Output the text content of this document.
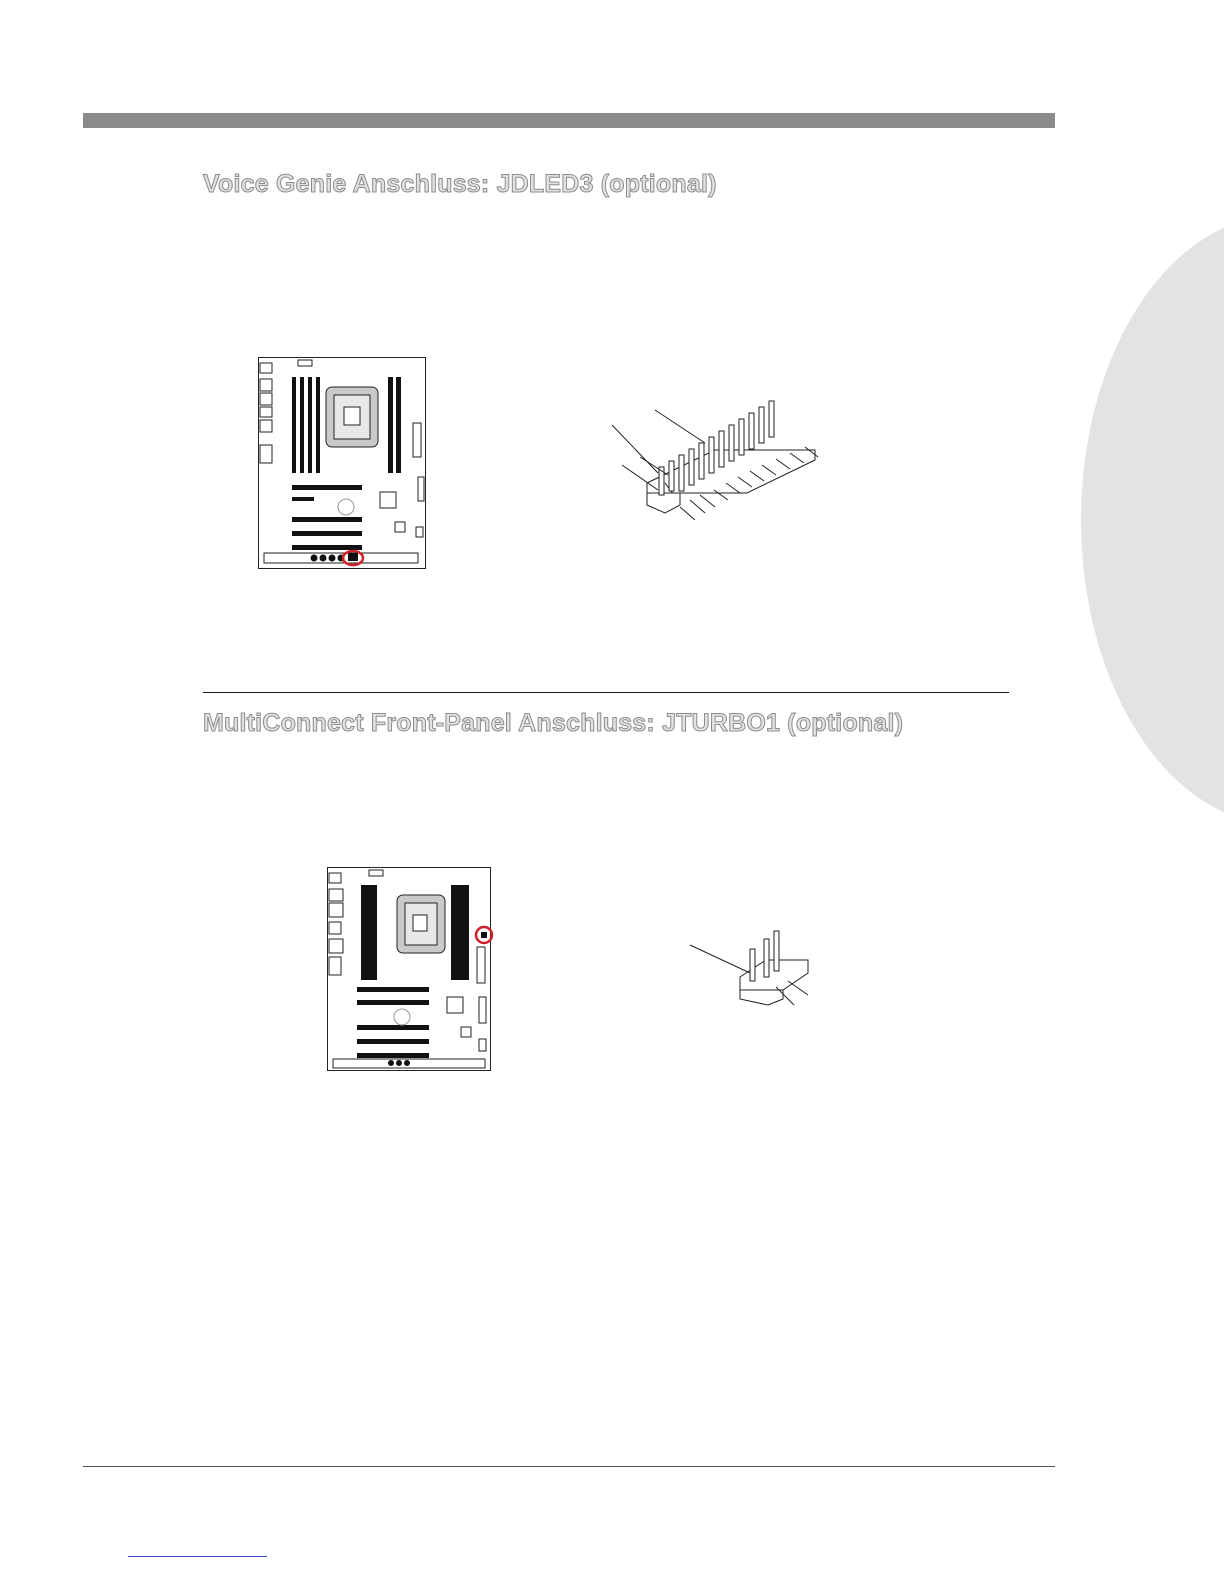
Voice Genie Anschluss: JDLED3 (optional)
MultiConnect Front-Panel Anschluss: JTURBO1 (optional)
